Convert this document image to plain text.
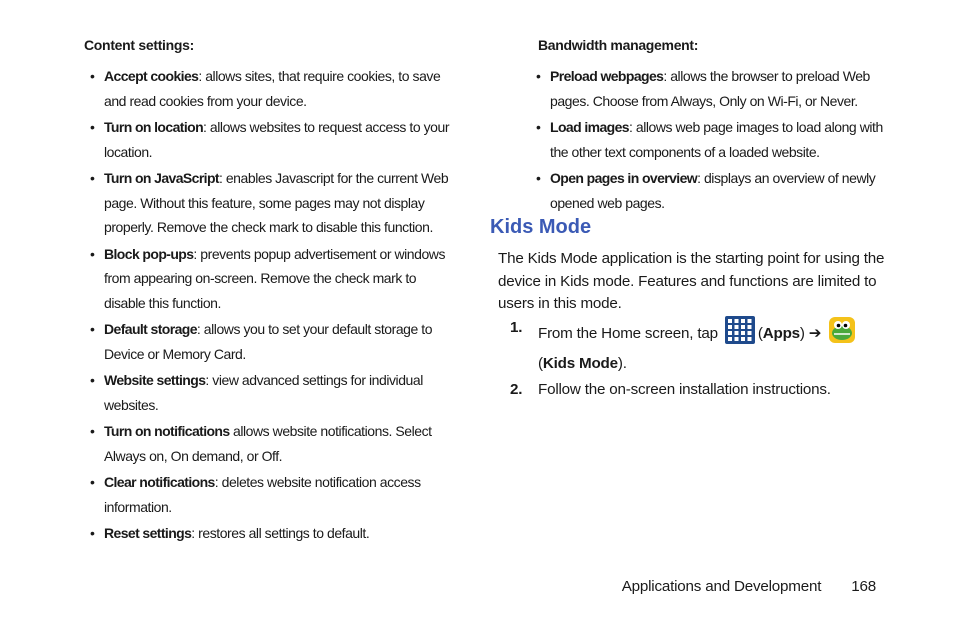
Content settings:
• Accept cookies: allows sites, that require cookies, to save and read cookies from your device.
• Turn on location: allows websites to request access to your location.
• Turn on JavaScript: enables Javascript for the current Web page. Without this feature, some pages may not display properly. Remove the check mark to disable this function.
• Block pop-ups: prevents popup advertisement or windows from appearing on-screen. Remove the check mark to disable this function.
• Default storage: allows you to set your default storage to Device or Memory Card.
• Website settings: view advanced settings for individual websites.
• Turn on notifications allows website notifications. Select Always on, On demand, or Off.
• Clear notifications: deletes website notification access information.
• Reset settings: restores all settings to default.
Bandwidth management:
• Preload webpages: allows the browser to preload Web pages. Choose from Always, Only on Wi-Fi, or Never.
• Load images: allows web page images to load along with the other text components of a loaded website.
• Open pages in overview: displays an overview of newly opened web pages.
Kids Mode
The Kids Mode application is the starting point for using the device in Kids mode. Features and functions are limited to users in this mode.
1. From the Home screen, tap (Apps) ➔  (Kids Mode).
2. Follow the on-screen installation instructions.
Applications and Development 168
